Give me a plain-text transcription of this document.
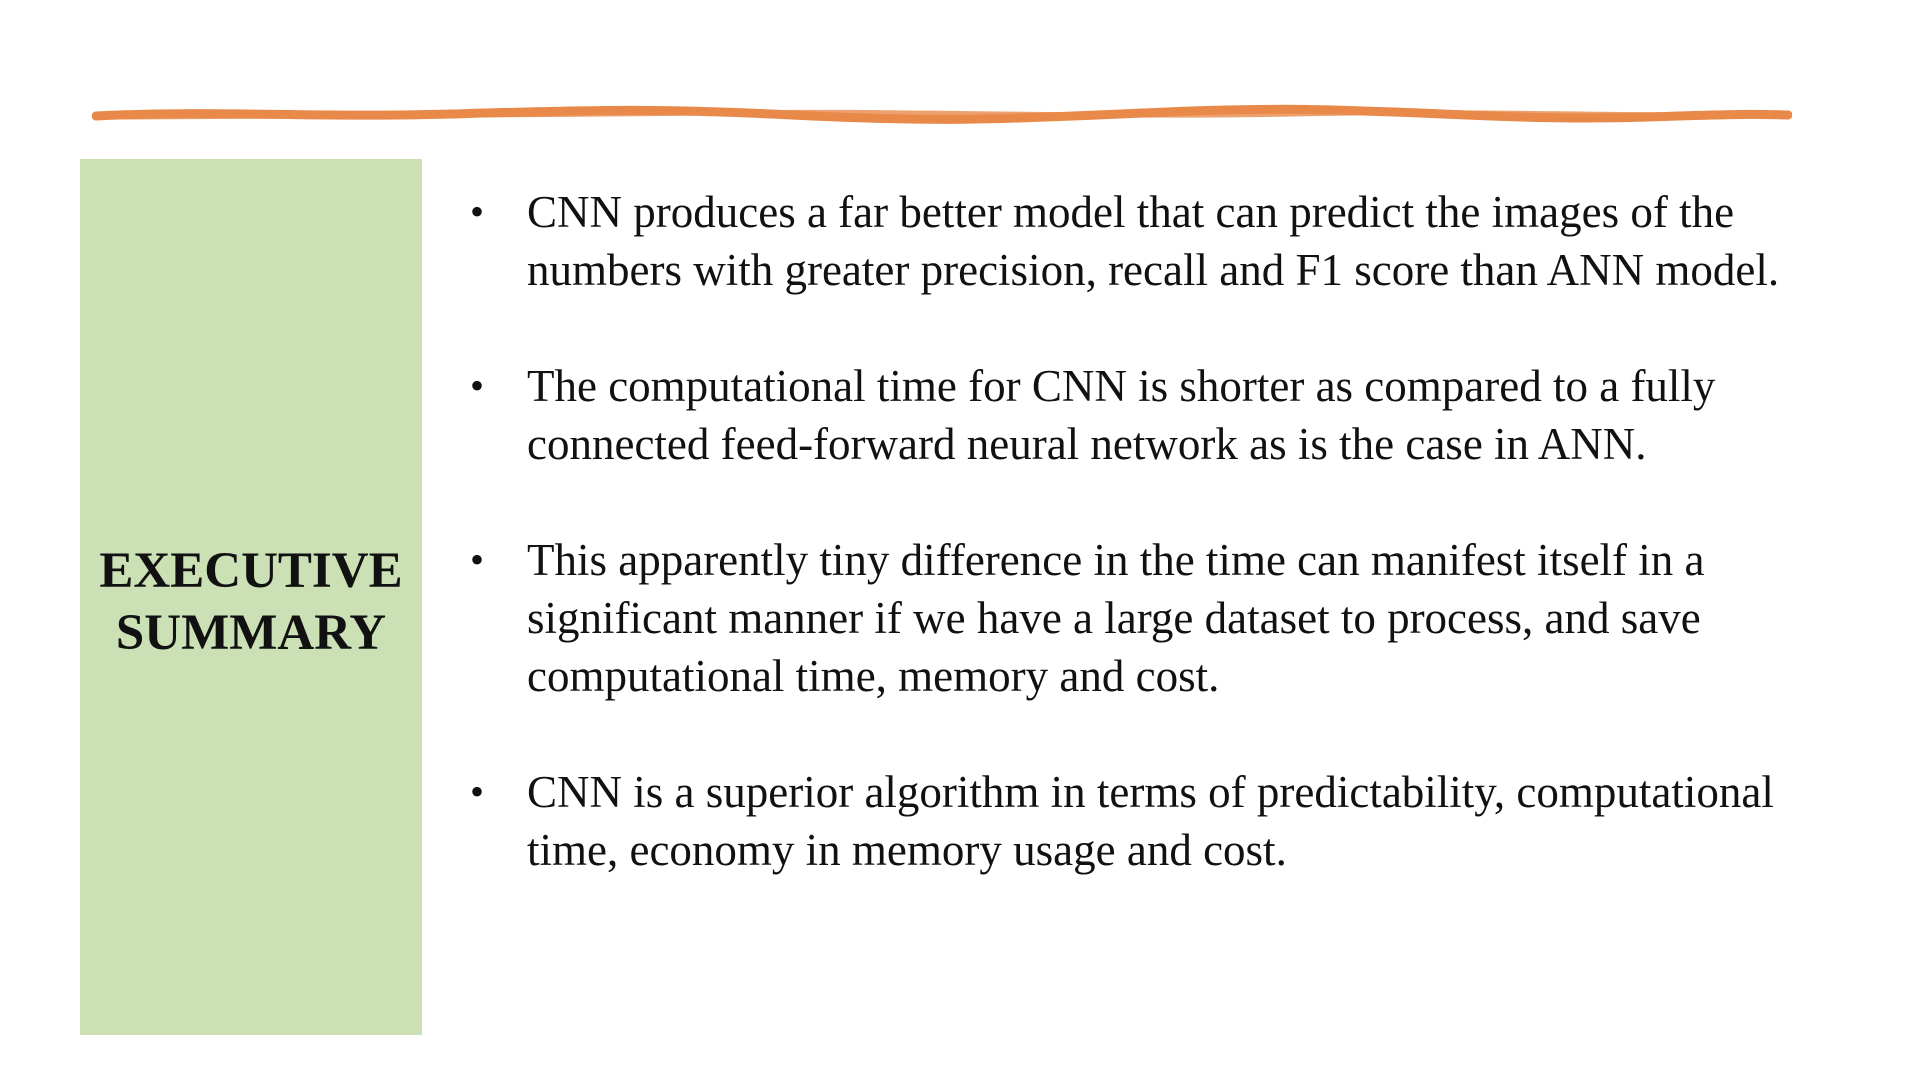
EXECUTIVE
SUMMARY
• CNN produces a far better model that can predict the images of the numbers with greater precision, recall and F1 score than ANN model.
• The computational time for CNN is shorter as compared to a fully connected feed-forward neural network as is the case in ANN.
• This apparently tiny difference in the time can manifest itself in a significant manner if we have a large dataset to process, and save computational time, memory and cost.
• CNN is a superior algorithm in terms of predictability, computational time, economy in memory usage and cost.
